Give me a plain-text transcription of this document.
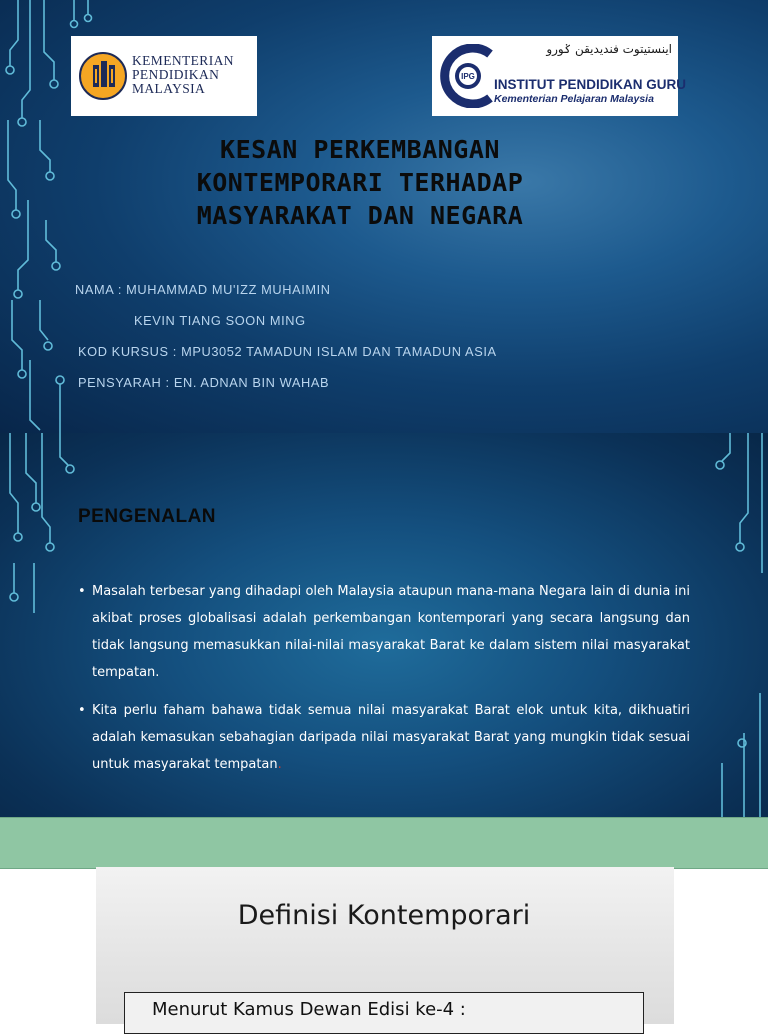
KEMENTERIAN
PENDIDIKAN
MALAYSIA
IPG
اينستيتوت فنديديقن ݢورو
INSTITUT PENDIDIKAN GURU
Kementerian Pelajaran Malaysia
KESAN PERKEMBANGAN
KONTEMPORARI TERHADAP
MASYARAKAT DAN NEGARA
NAMA : MUHAMMAD MU'IZZ MUHAIMIN
KEVIN TIANG SOON MING
KOD KURSUS : MPU3052 TAMADUN ISLAM DAN TAMADUN ASIA
PENSYARAH : EN. ADNAN BIN WAHAB
PENGENALAN
• Masalah terbesar yang dihadapi oleh Malaysia ataupun mana-mana Negara lain di dunia ini akibat proses globalisasi adalah perkembangan kontemporari yang secara langsung dan tidak langsung memasukkan nilai-nilai masyarakat Barat ke dalam sistem nilai masyarakat tempatan.
• Kita perlu faham bahawa tidak semua nilai masyarakat Barat elok untuk kita, dikhuatiri adalah kemasukan sebahagian daripada nilai masyarakat Barat yang mungkin tidak sesuai untuk masyarakat tempatan.
Definisi Kontemporari
Menurut Kamus Dewan Edisi ke-4 :
